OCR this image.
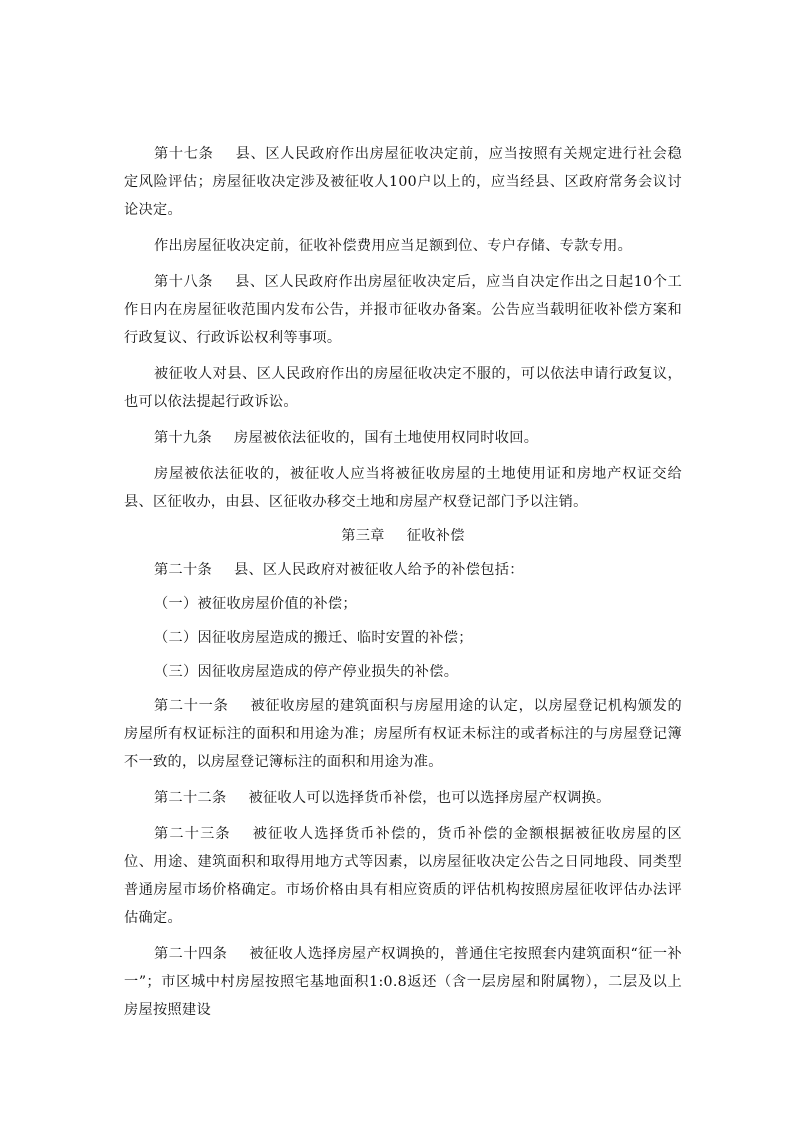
第十七条 县、区人民政府作出房屋征收决定前，应当按照有关规定进行社会稳定风险评估；房屋征收决定涉及被征收人100户以上的，应当经县、区政府常务会议讨论决定。

作出房屋征收决定前，征收补偿费用应当足额到位、专户存储、专款专用。

第十八条 县、区人民政府作出房屋征收决定后，应当自决定作出之日起10个工作日内在房屋征收范围内发布公告，并报市征收办备案。公告应当载明征收补偿方案和行政复议、行政诉讼权利等事项。

被征收人对县、区人民政府作出的房屋征收决定不服的，可以依法申请行政复议，也可以依法提起行政诉讼。

第十九条 房屋被依法征收的，国有土地使用权同时收回。

房屋被依法征收的，被征收人应当将被征收房屋的土地使用证和房地产权证交给县、区征收办，由县、区征收办移交土地和房屋产权登记部门予以注销。

第三章 征收补偿

第二十条 县、区人民政府对被征收人给予的补偿包括：

（一）被征收房屋价值的补偿；
（二）因征收房屋造成的搬迁、临时安置的补偿；
（三）因征收房屋造成的停产停业损失的补偿。

第二十一条 被征收房屋的建筑面积与房屋用途的认定，以房屋登记机构颁发的房屋所有权证标注的面积和用途为准；房屋所有权证未标注的或者标注的与房屋登记簿不一致的，以房屋登记簿标注的面积和用途为准。

第二十二条 被征收人可以选择货币补偿，也可以选择房屋产权调换。

第二十三条 被征收人选择货币补偿的，货币补偿的金额根据被征收房屋的区位、用途、建筑面积和取得用地方式等因素，以房屋征收决定公告之日同地段、同类型普通房屋市场价格确定。市场价格由具有相应资质的评估机构按照房屋征收评估办法评估确定。

第二十四条 被征收人选择房屋产权调换的，普通住宅按照套内建筑面积“征一补一”；市区城中村房屋按照宅基地面积1:0.8返还（含一层房屋和附属物），二层及以上房屋按照建设
